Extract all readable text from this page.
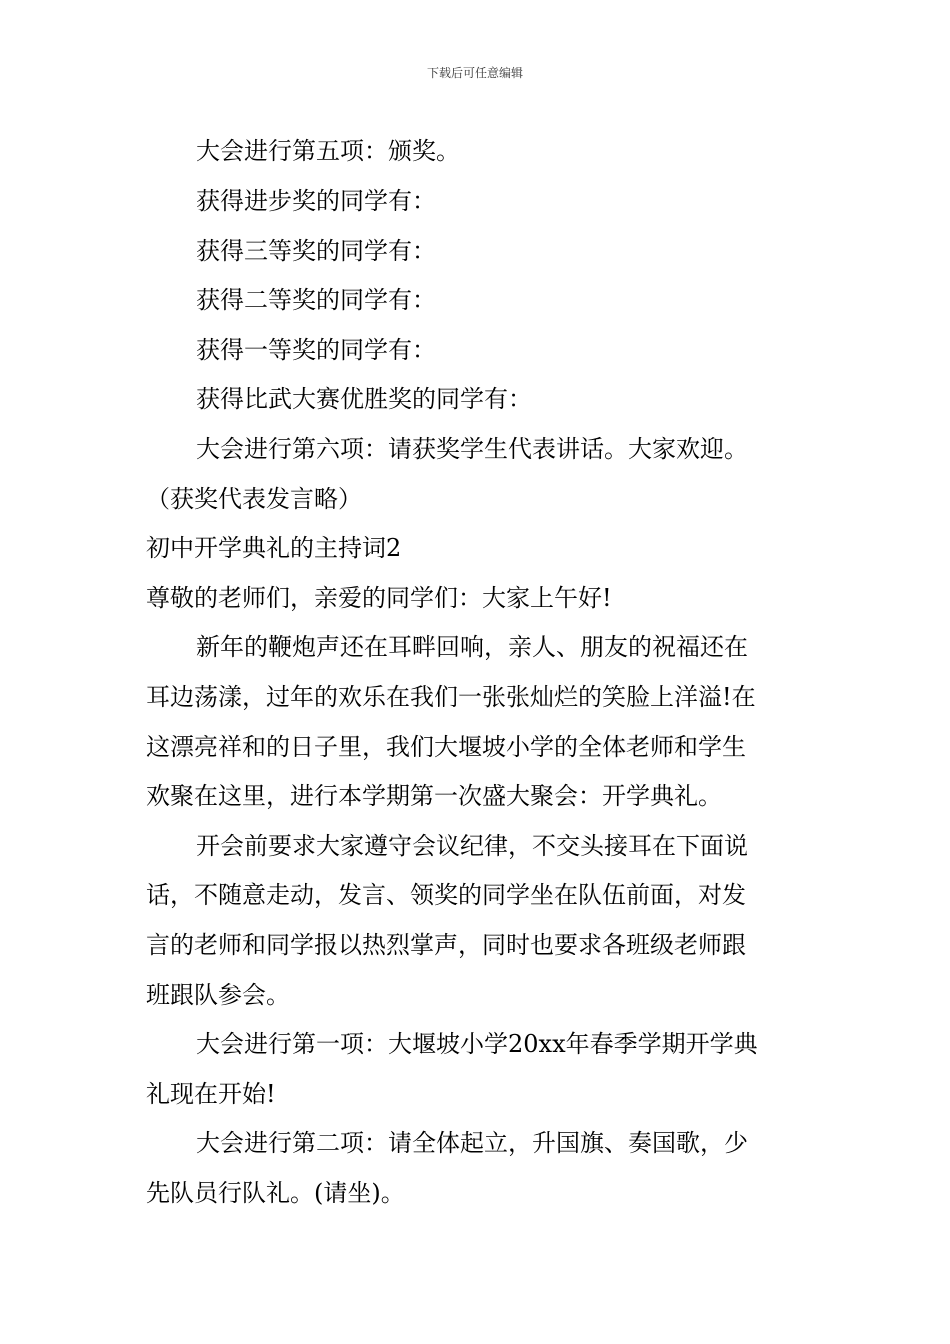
下载后可任意编辑
大会进行第五项：颁奖。
获得进步奖的同学有：
获得三等奖的同学有：
获得二等奖的同学有：
获得一等奖的同学有：
获得比武大赛优胜奖的同学有：
大会进行第六项：请获奖学生代表讲话。大家欢迎。
（获奖代表发言略）
初中开学典礼的主持词2
尊敬的老师们，亲爱的同学们：大家上午好!
新年的鞭炮声还在耳畔回响，亲人、朋友的祝福还在
耳边荡漾，过年的欢乐在我们一张张灿烂的笑脸上洋溢!在
这漂亮祥和的日子里，我们大堰坡小学的全体老师和学生
欢聚在这里，进行本学期第一次盛大聚会：开学典礼。
开会前要求大家遵守会议纪律，不交头接耳在下面说
话，不随意走动，发言、领奖的同学坐在队伍前面，对发
言的老师和同学报以热烈掌声，同时也要求各班级老师跟
班跟队参会。
大会进行第一项：大堰坡小学20xx年春季学期开学典
礼现在开始!
大会进行第二项：请全体起立，升国旗、奏国歌，少
先队员行队礼。(请坐)。
